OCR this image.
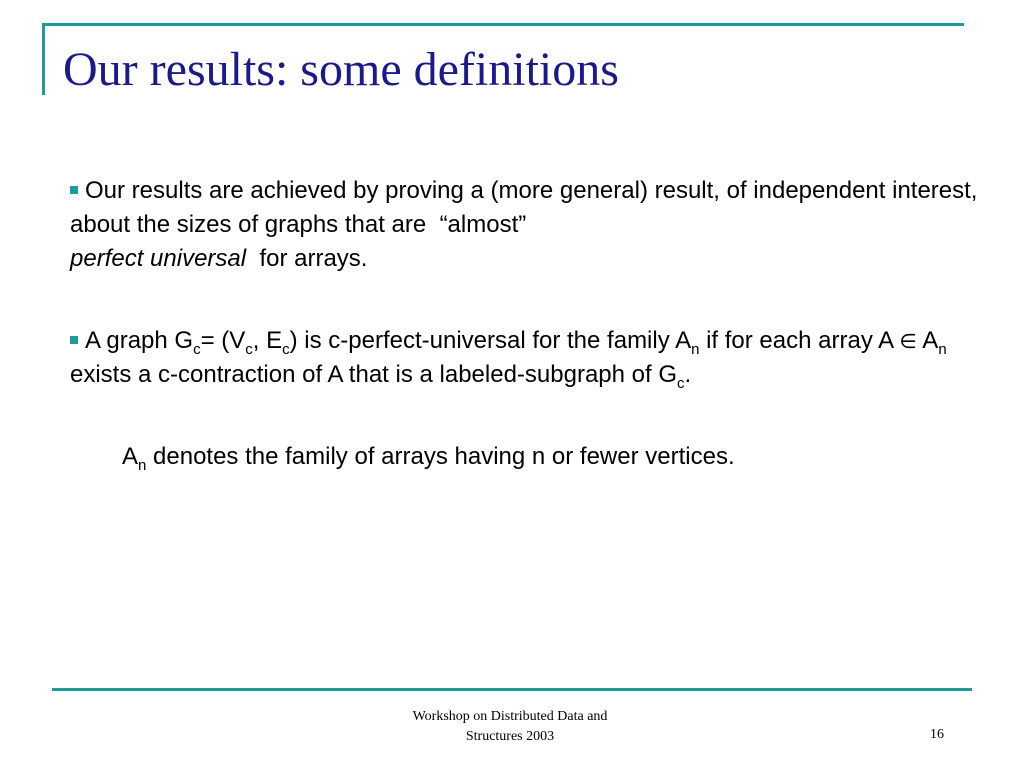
Our results: some definitions

Our results are achieved by proving a (more general) result, of independent interest, about the sizes of graphs that are  “almost”
perfect universal for arrays.

A graph $G_c= (V_c$, $E_c$) is c-perfect-universal for the family $A_n$ if for each array A ∈ $A_n$ exists a c-contraction of A that is a labeled-subgraph of $G_c$.

$A_n$ denotes the family of arrays having n or fewer vertices.

Workshop on Distributed Data and
Structures 2003	16
